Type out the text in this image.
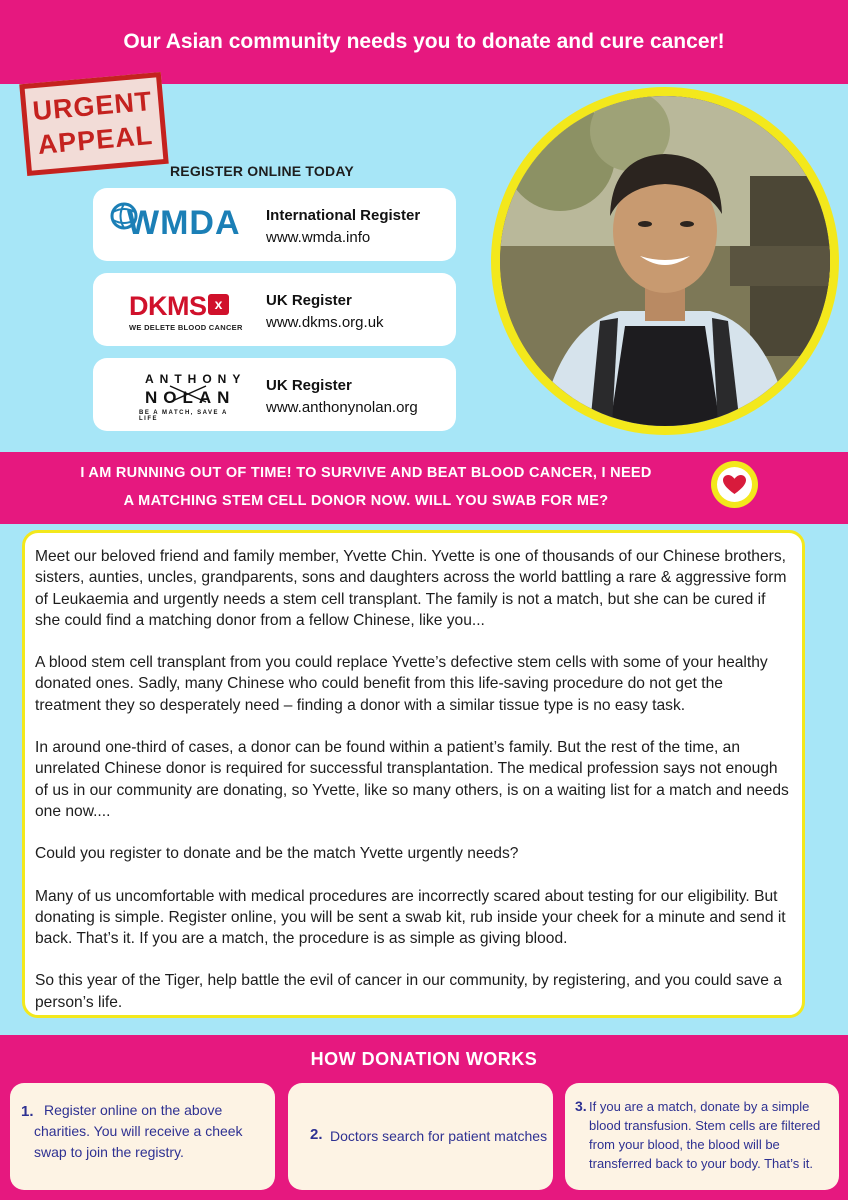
Our Asian community needs you to donate and cure cancer!
URGENT
APPEAL
REGISTER ONLINE TODAY
WMDA International Register
www.wmda.info
DKMS x
WE DELETE BLOOD CANCER
UK Register
www.dkms.org.uk
ANTHONY
NOLAN
BE A MATCH, SAVE A LIFE
UK Register
www.anthonynolan.org
I AM RUNNING OUT OF TIME! TO SURVIVE AND BEAT BLOOD CANCER, I NEED
A MATCHING STEM CELL DONOR NOW. WILL YOU SWAB FOR ME?

Meet our beloved friend and family member, Yvette Chin. Yvette is one of thousands of our Chinese brothers, sisters, aunties, uncles, grandparents, sons and daughters across the world battling a rare & aggressive form of Leukaemia and urgently needs a stem cell transplant. The family is not a match, but she can be cured if she could find a matching donor from a fellow Chinese, like you...

A blood stem cell transplant from you could replace Yvette’s defective stem cells with some of your healthy donated ones. Sadly, many Chinese who could benefit from this life-saving procedure do not get the treatment they so desperately need – finding a donor with a similar tissue type is no easy task.

In around one-third of cases, a donor can be found within a patient’s family. But the rest of the time, an unrelated Chinese donor is required for successful transplantation. The medical profession says not enough of us in our community are donating, so Yvette, like so many others, is on a waiting list for a match and needs one now....

Could you register to donate and be the match Yvette urgently needs?

Many of us uncomfortable with medical procedures are incorrectly scared about testing for our eligibility. But donating is simple. Register online, you will be sent a swab kit, rub inside your cheek for a minute and send it back. That’s it. If you are a match, the procedure is as simple as giving blood.

So this year of the Tiger, help battle the evil of cancer in our community, by registering, and you could save a person’s life.

HOW DONATION WORKS
1. Register online on the above charities. You will receive a cheek swap to join the registry.
2. Doctors search for patient matches
3. If you are a match, donate by a simple blood transfusion. Stem cells are filtered from your blood, the blood will be transferred back to your body. That’s it.
